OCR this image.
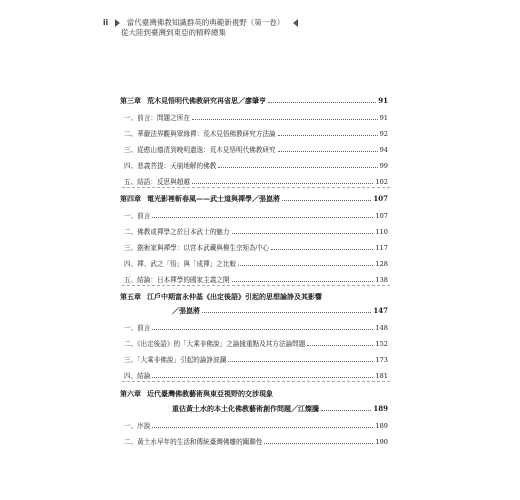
ii 當代臺灣佛教知識群英的典範新視野（第一卷）
從大陸到臺灣到東亞的精粹總集
第三章 荒木見悟明代佛教研究再省思／廖肇亨	91
一、前言：問題之所在	91
二、華嚴法界觀與眾緣禪：荒木見悟佛教研究方法論	92
三、從憨山德清到晚明遺逸：荒木見悟明代佛教研究	94
四、悲義菩提：天崩地解的佛教	99
五、結語：反思與超越	102
第四章 電光影裡斬春風——武士道與禪學／張崑將	107
一、前言	107
二、佛教或禪學之於日本武士的魅力	110
三、劍術家與禪學：以宮本武藏與柳生宗矩為中心	117
四、禪、武之「悟」與「成禪」之比較	128
五、結論：日本禪學的國家主義之開	138
第五章 江戶中期富永仲基《出定後語》引起的思想論諍及其影響
／張崑將	147
一、前言	148
二、《出定後語》的「大乘非佛說」之論據重點及其方法論問題	152
三、「大乘非佛說」引起的論諍波瀾	173
四、結論	181
第六章 近代臺灣佛教藝術與東亞視野的交涉現象
重估黃土水的本土化佛教藝術創作問題／江燦騰	189
一、序說	189
二、黃土水早年的生活和傳統臺灣佛雕的關聯性	190
